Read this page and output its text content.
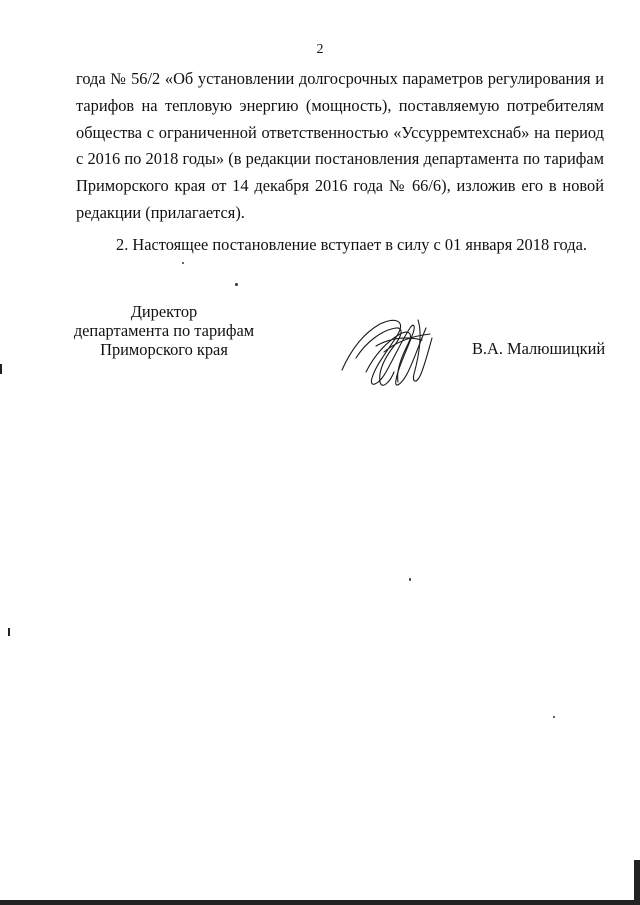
2

года № 56/2 «Об установлении долгосрочных параметров регулирования и тарифов на тепловую энергию (мощность), поставляемую потребителям общества с ограниченной ответственностью «Уссурремтехснаб» на период с 2016 по 2018 годы» (в редакции постановления департамента по тарифам Приморского края от 14 декабря 2016 года № 66/6), изложив его в новой редакции (прилагается).

2. Настоящее постановление вступает в силу с 01 января 2018 года.

Директор
департамента по тарифам
Приморского края	В.А. Малюшицкий
